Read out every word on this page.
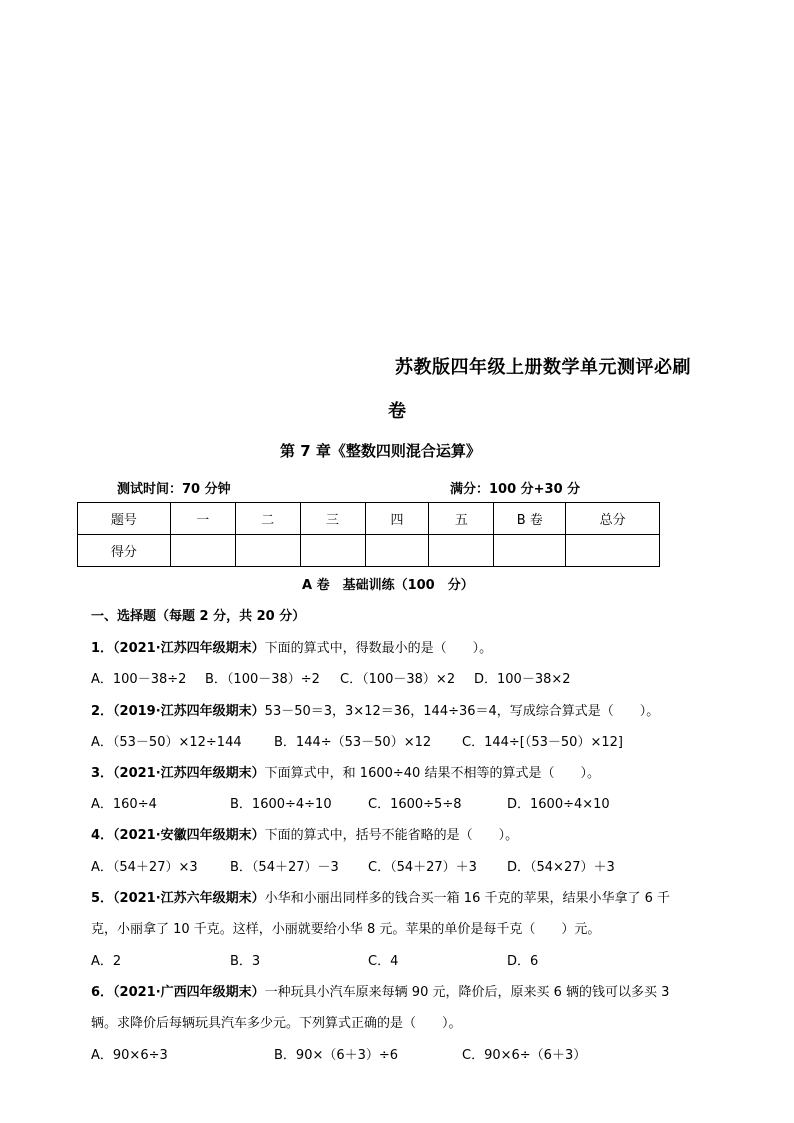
苏教版四年级上册数学单元测评必刷
卷
第 7 章《整数四则混合运算》
测试时间：70 分钟	满分：100 分+30 分
题号	一	二	三	四	五	B 卷	总分
得分							
A 卷　基础训练（100　分）
一、选择题（每题 2 分，共 20 分）
1．（2021·江苏四年级期末）下面的算式中，得数最小的是（　　）。
A．100－38÷2 B．（100－38）÷2 C．（100－38）×2 D．100－38×2
2．（2019·江苏四年级期末）53－50＝3，3×12＝36，144÷36＝4，写成综合算式是（　　）。
A．（53－50）×12÷144 B．144÷（53－50）×12 C．144÷[（53－50）×12]
3．（2021·江苏四年级期末）下面算式中，和 1600÷40 结果不相等的算式是（　　）。
A．160÷4	B．1600÷4÷10	C．1600÷5÷8	D．1600÷4×10
4．（2021·安徽四年级期末）下面的算式中，括号不能省略的是（　　）。
A．（54＋27）×3 B．（54＋27）－3 C．（54＋27）＋3 D．（54×27）＋3
5．（2021·江苏六年级期末）小华和小丽出同样多的钱合买一箱 16 千克的苹果，结果小华拿了 6 千
克，小丽拿了 10 千克。这样，小丽就要给小华 8 元。苹果的单价是每千克（　　）元。
A．2	B．3	C．4	D．6
6．（2021·广西四年级期末）一种玩具小汽车原来每辆 90 元，降价后，原来买 6 辆的钱可以多买 3
辆。求降价后每辆玩具汽车多少元。下列算式正确的是（　　）。
A．90×6÷3	B．90×（6＋3）÷6	C．90×6÷（6＋3）
